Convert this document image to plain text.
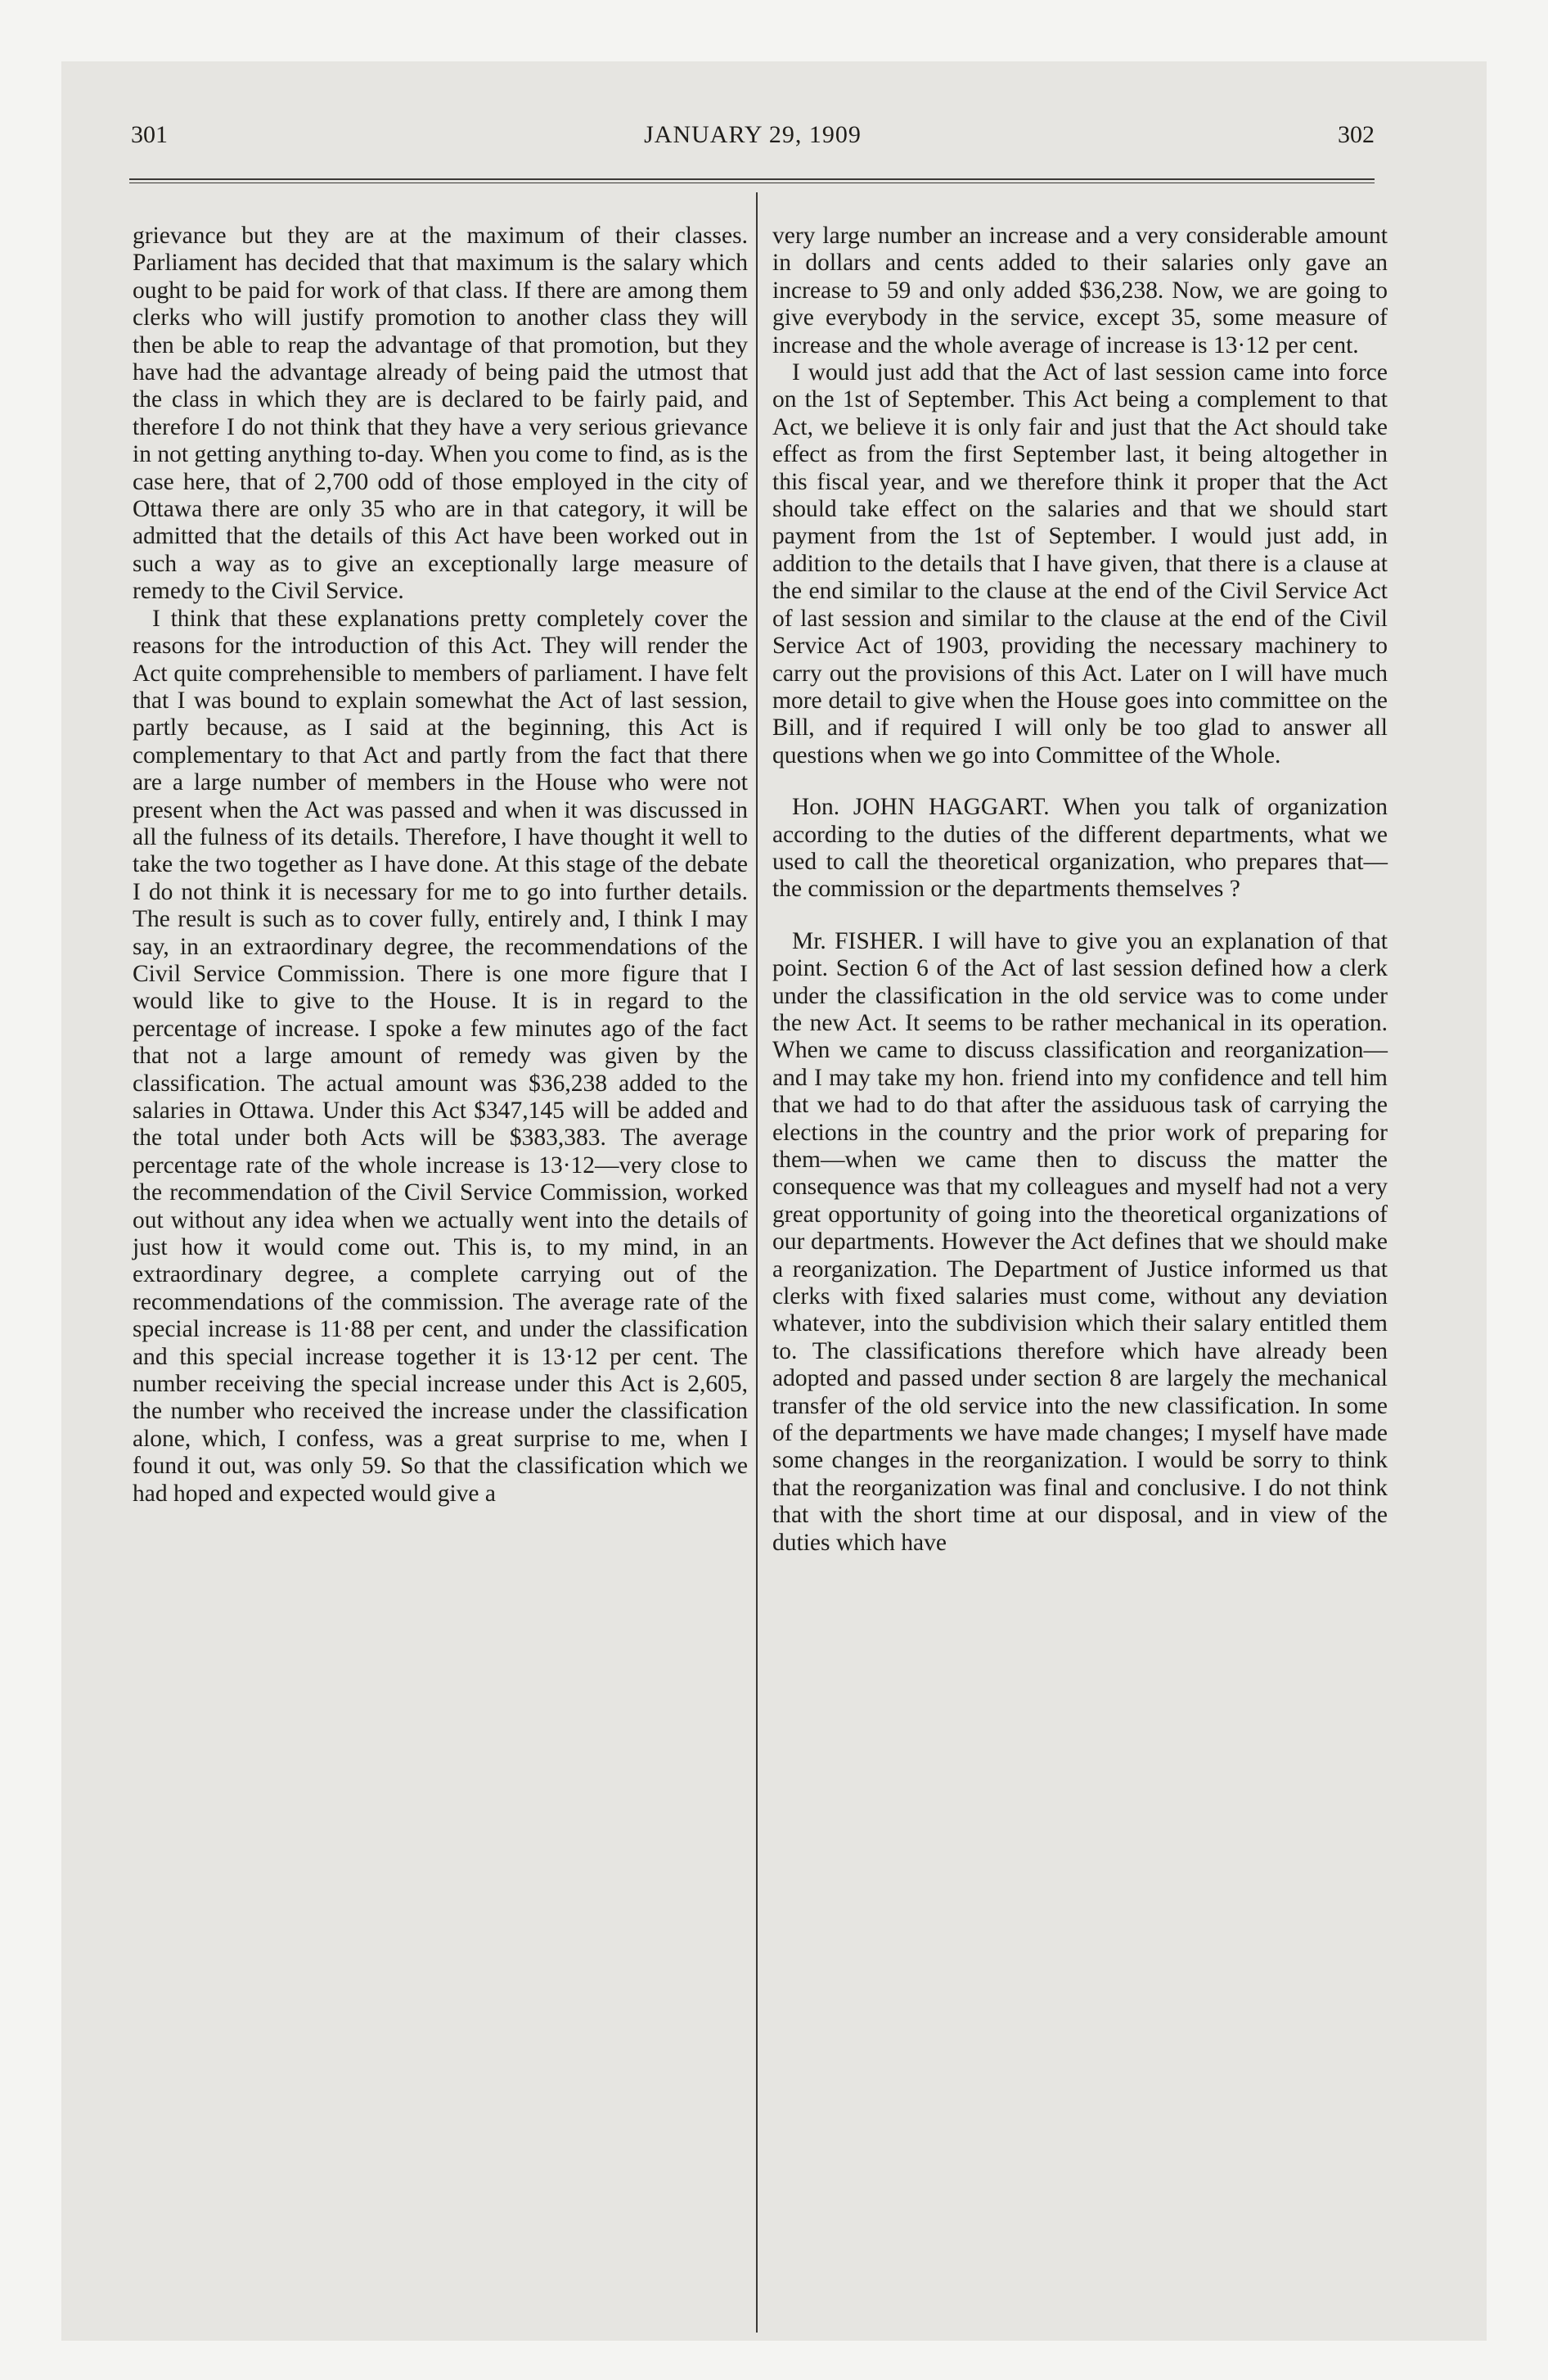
301	JANUARY 29, 1909	302

grievance but they are at the maximum of their classes. Parliament has decided that that maximum is the salary which ought to be paid for work of that class. If there are among them clerks who will justify promotion to another class they will then be able to reap the advantage of that promotion, but they have had the advantage already of being paid the utmost that the class in which they are is declared to be fairly paid, and therefore I do not think that they have a very serious grievance in not getting anything to-day. When you come to find, as is the case here, that of 2,700 odd of those employed in the city of Ottawa there are only 35 who are in that category, it will be admitted that the details of this Act have been worked out in such a way as to give an exceptionally large measure of remedy to the Civil Service.

I think that these explanations pretty completely cover the reasons for the introduction of this Act. They will render the Act quite comprehensible to members of parliament. I have felt that I was bound to explain somewhat the Act of last session, partly because, as I said at the beginning, this Act is complementary to that Act and partly from the fact that there are a large number of members in the House who were not present when the Act was passed and when it was discussed in all the fulness of its details. Therefore, I have thought it well to take the two together as I have done. At this stage of the debate I do not think it is necessary for me to go into further details. The result is such as to cover fully, entirely and, I think I may say, in an extraordinary degree, the recommendations of the Civil Service Commission. There is one more figure that I would like to give to the House. It is in regard to the percentage of increase. I spoke a few minutes ago of the fact that not a large amount of remedy was given by the classification. The actual amount was $36,238 added to the salaries in Ottawa. Under this Act $347,145 will be added and the total under both Acts will be $383,383. The average percentage rate of the whole increase is 13·12—very close to the recommendation of the Civil Service Commission, worked out without any idea when we actually went into the details of just how it would come out. This is, to my mind, in an extraordinary degree, a complete carrying out of the recommendations of the commission. The average rate of the special increase is 11·88 per cent, and under the classification and this special increase together it is 13·12 per cent. The number receiving the special increase under this Act is 2,605, the number who received the increase under the classification alone, which, I confess, was a great surprise to me, when I found it out, was only 59. So that the classification which we had hoped and expected would give a

very large number an increase and a very considerable amount in dollars and cents added to their salaries only gave an increase to 59 and only added $36,238. Now, we are going to give everybody in the service, except 35, some measure of increase and the whole average of increase is 13·12 per cent.

I would just add that the Act of last session came into force on the 1st of September. This Act being a complement to that Act, we believe it is only fair and just that the Act should take effect as from the first September last, it being altogether in this fiscal year, and we therefore think it proper that the Act should take effect on the salaries and that we should start payment from the 1st of September. I would just add, in addition to the details that I have given, that there is a clause at the end similar to the clause at the end of the Civil Service Act of last session and similar to the clause at the end of the Civil Service Act of 1903, providing the necessary machinery to carry out the provisions of this Act. Later on I will have much more detail to give when the House goes into committee on the Bill, and if required I will only be too glad to answer all questions when we go into Committee of the Whole.

Hon. JOHN HAGGART. When you talk of organization according to the duties of the different departments, what we used to call the theoretical organization, who prepares that—the commission or the departments themselves ?

Mr. FISHER. I will have to give you an explanation of that point. Section 6 of the Act of last session defined how a clerk under the classification in the old service was to come under the new Act. It seems to be rather mechanical in its operation. When we came to discuss classification and reorganization—and I may take my hon. friend into my confidence and tell him that we had to do that after the assiduous task of carrying the elections in the country and the prior work of preparing for them—when we came then to discuss the matter the consequence was that my colleagues and myself had not a very great opportunity of going into the theoretical organizations of our departments. However the Act defines that we should make a reorganization. The Department of Justice informed us that clerks with fixed salaries must come, without any deviation whatever, into the subdivision which their salary entitled them to. The classifications therefore which have already been adopted and passed under section 8 are largely the mechanical transfer of the old service into the new classification. In some of the departments we have made changes; I myself have made some changes in the reorganization. I would be sorry to think that the reorganization was final and conclusive. I do not think that with the short time at our disposal, and in view of the duties which have
